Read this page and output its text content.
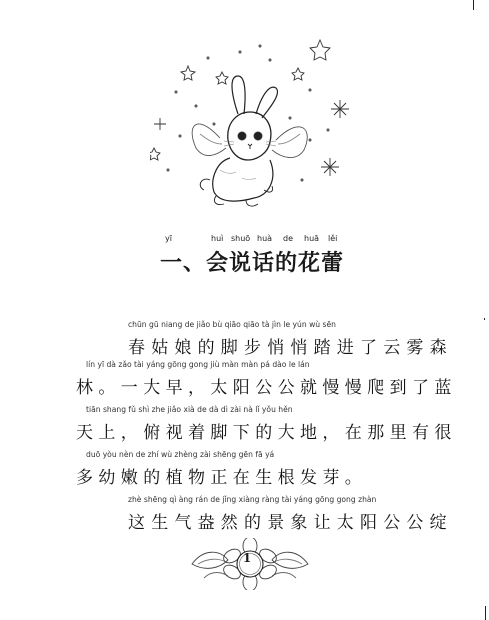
yī	huì shuō huà de huā lěi
一、会说话的花蕾
chūn gū niang de jiǎo bù qiāo qiāo tà jìn le yún wù sēn
春姑娘的脚步悄悄踏进了云雾森
lín yī dà zǎo tài yáng gōng gong jiù màn màn pá dào le lán
林。一大早，太阳公公就慢慢爬到了蓝
tiān shang fǔ shì zhe jiǎo xià de dà dì zài nà lǐ yǒu hěn
天上，俯视着脚下的大地，在那里有很
duō yòu nèn de zhí wù zhèng zài shēng gēn fā yá
多幼嫩的植物正在生根发芽。
zhè shēng qì àng rán de jǐng xiàng ràng tài yáng gōng gong zhàn
这生气盎然的景象让太阳公公绽
1
